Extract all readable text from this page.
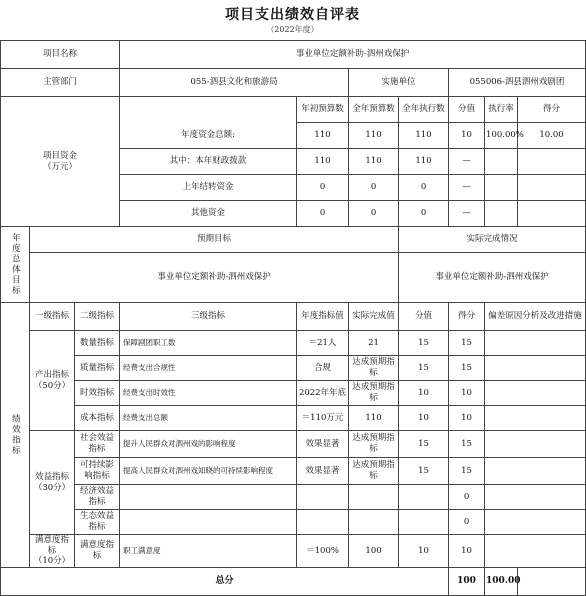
项目支出绩效自评表
（2022年度）
项目名称			事业单位定额补助-泗州戏保护						
主管部门			055-泗县文化和旅游局		实施单位		055006-泗县泗州戏剧团		
项目资金
（万元）				年初预算数	全年预算数	全年执行数	分值	执行率	得分
			年度资金总额:	110	110	110	10	100.00%	10.00
			其中：本年财政拨款	110	110	110	—		
			上年结转资金	0	0	0	—		
			其他资金	0	0	0	—		
年度总体目标	预期目标					实际完成情况			
	事业单位定额补助-泗州戏保护					事业单位定额补助-泗州戏保护			
绩效指标	一级指标	二级指标	三级指标	年度指标值	实际完成值	分值	得分	偏差原因分析及改进措施	
	产出指标
（50分）	数量指标	保障剧团职工数	＝21人	21	15	15		
		质量指标	经费支出合规性	合规	达成预期指标	15	15		
		时效指标	经费支出时效性	2022年年底	达成预期指标	10	10		
		成本指标	经费支出总额	＝110万元	110	10	10		
	效益指标
（30分）	社会效益指标	提升人民群众对泗州戏的影响程度	效果显著	达成预期指标	15	15		
		可持续影响指标	提高人民群众对泗州戏知晓的可持续影响程度	效果显著	达成预期指标	15	15		
		经济效益指标					0		
		生态效益指标					0		
	满意度指标
（10分）	满意度指标	职工满意度	＝100%	100	10	10		
总分							100	100.00	
